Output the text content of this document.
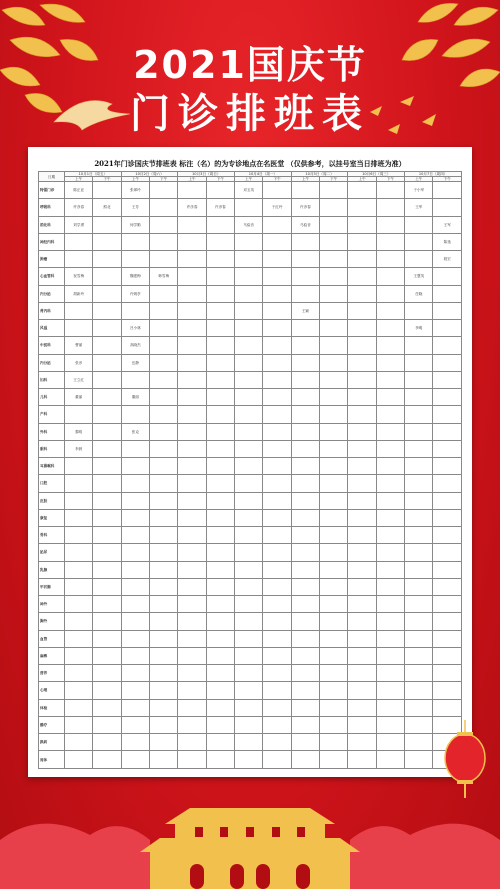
2021国庆节
门诊排班表
2021年门诊国庆节排班表 标注（名）的为专诊地点在名医堂 （仅供参考，以挂号室当日排班为准）
日期	10月1日（周五）		10月2日（周六）		10月3日（周日）		10月4日（周一）		10月5日（周二）		10月6日（周三）		10月7日（周四）	
	上午	下午	上午	下午	上午	下午	上午	下午	上午	下午	上午	下午	上午	下午
特需门诊	陈正亚		张翠玲				邓玉英						于小军	
呼吸科	许彦春	熊北	王芳		许彦春	许彦春		于红玲	许彦春				王军	
消化科	刘学勇		何学勤				马骁音		马骁音					王军
神经内科														陈逸
肿瘤														段宏
心血管科	祝雪梅		魏建梅	韩雪梅									王慧英	
内分泌	胡新玲		许炳亭										任晓	
肾内科									王颖					
风湿			吕小林										李明	
中医科	曹丽		高晓杰											
内分泌	张彦		岳静											
妇科	王立红													
儿科	董丽		董丽											
产科														
外科	黎明		张克											
眼科	李晨													
耳鼻喉科														
口腔														
皮肤														
康复														
骨科														
泌尿														
乳腺														
甲状腺														
神外														
胸外														
血管														
麻醉														
营养														
心理														
体检														
静疗														
换药														
周体														
